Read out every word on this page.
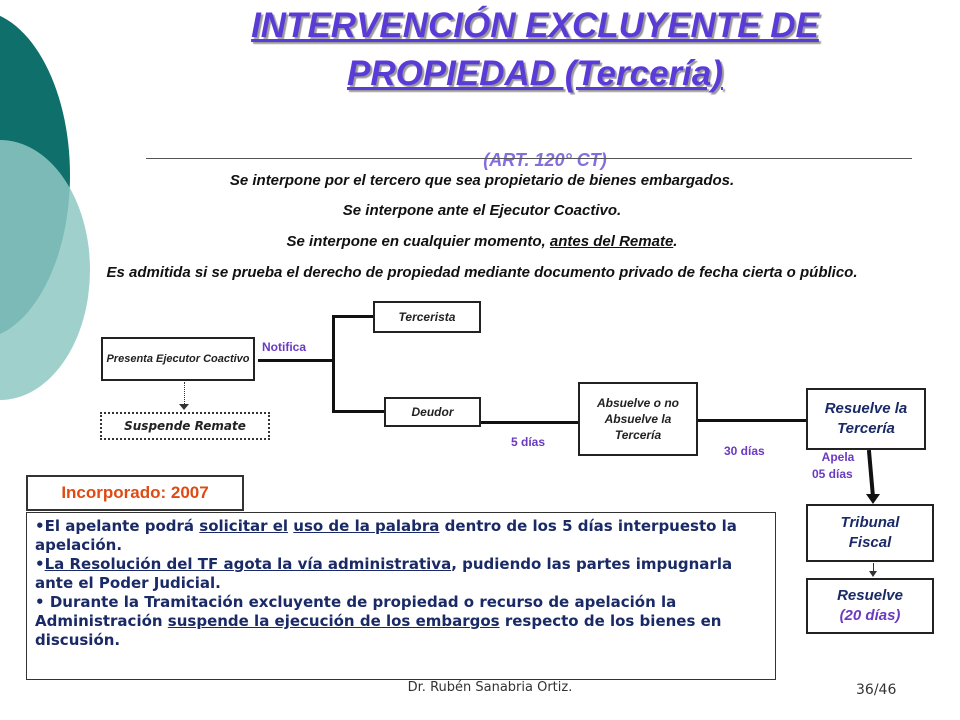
INTERVENCIÓN EXCLUYENTE DE
PROPIEDAD (Tercería)
(ART. 120° CT)
Se interpone por el tercero que sea propietario de bienes embargados.
Se interpone ante el Ejecutor Coactivo.
Se interpone en cualquier momento, antes del Remate.
Es admitida si se prueba el derecho de propiedad mediante documento privado de fecha cierta o público.
Presenta Ejecutor Coactivo
Notifica
Tercerista
Deudor
Suspende Remate
5 días
Absuelve o no Absuelve la Tercería
30 días
Resuelve la Tercería
Apela
05 días
Tribunal Fiscal
Resuelve
(20 días)
Incorporado: 2007
•El apelante podrá solicitar el uso de la palabra dentro de los 5 días interpuesto la apelación.
•La Resolución del TF agota la vía administrativa, pudiendo las partes impugnarla ante el Poder Judicial.
• Durante la Tramitación excluyente de propiedad o recurso de apelación la Administración suspende la ejecución de los embargos respecto de los bienes en discusión.
Dr. Rubén Sanabria Ortiz.	36/46
